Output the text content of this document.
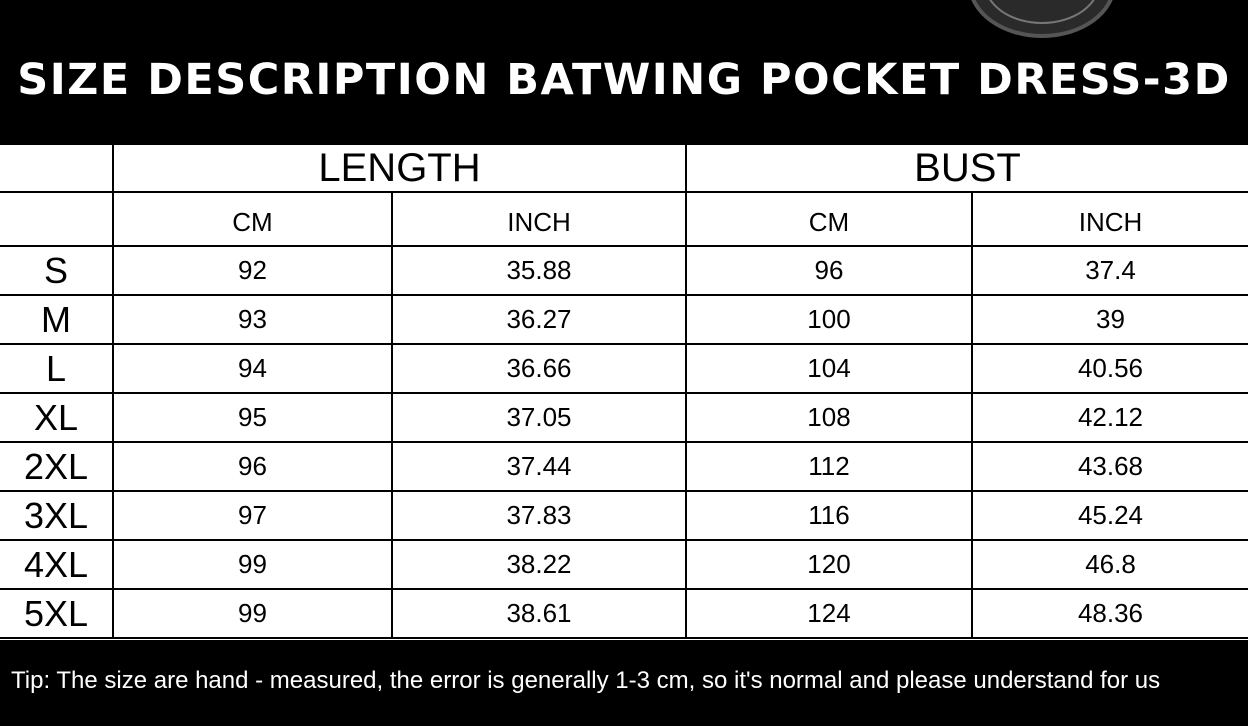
SIZE DESCRIPTION BATWING POCKET DRESS-3D
	LENGTH		BUST	
	CM	INCH	CM	INCH
S	92	35.88	96	37.4
M	93	36.27	100	39
L	94	36.66	104	40.56
XL	95	37.05	108	42.12
2XL	96	37.44	112	43.68
3XL	97	37.83	116	45.24
4XL	99	38.22	120	46.8
5XL	99	38.61	124	48.36
Tip: The size are hand - measured, the error is generally 1-3 cm, so it's normal and please understand for us
